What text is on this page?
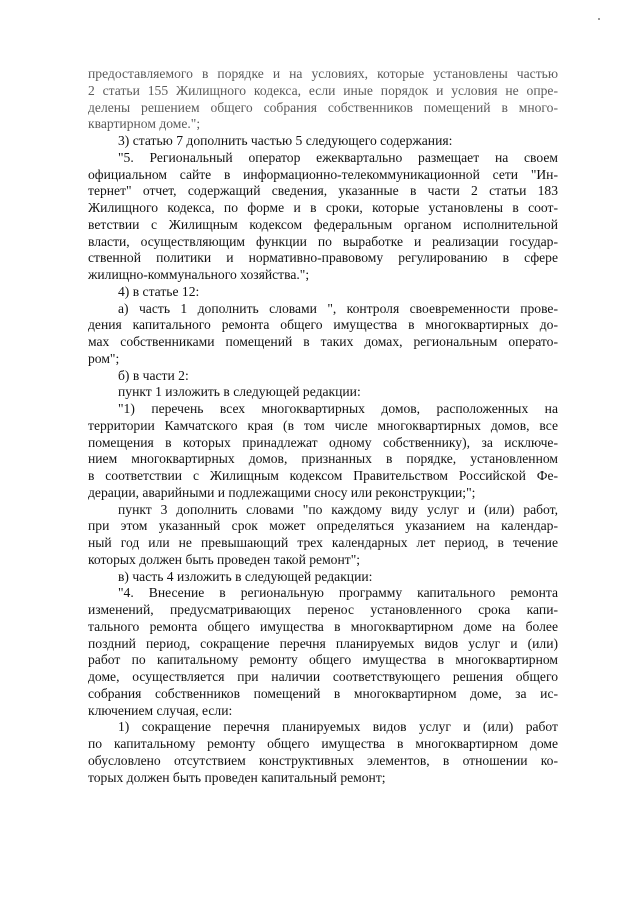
предоставляемого в порядке и на условиях, которые установлены частью

2 статьи 155 Жилищного кодекса, если иные порядок и условия не опре-

делены решением общего собрания собственников помещений в много-

квартирном доме.";

3) статью 7 дополнить частью 5 следующего содержания:

"5. Региональный оператор ежеквартально размещает на своем

официальном сайте в информационно-телекоммуникационной сети "Ин-

тернет" отчет, содержащий сведения, указанные в части 2 статьи 183

Жилищного кодекса, по форме и в сроки, которые установлены в соот-

ветствии с Жилищным кодексом федеральным органом исполнительной

власти, осуществляющим функции по выработке и реализации государ-

ственной политики и нормативно-правовому регулированию в сфере

жилищно-коммунального хозяйства.";

4) в статье 12:

а) часть 1 дополнить словами ", контроля своевременности прове-

дения капитального ремонта общего имущества в многоквартирных до-

мах собственниками помещений в таких домах, региональным операто-

ром";

б) в части 2:

пункт 1 изложить в следующей редакции:

"1) перечень всех многоквартирных домов, расположенных на

территории Камчатского края (в том числе многоквартирных домов, все

помещения в которых принадлежат одному собственнику), за исключе-

нием многоквартирных домов, признанных в порядке, установленном

в соответствии с Жилищным кодексом Правительством Российской Фе-

дерации, аварийными и подлежащими сносу или реконструкции;";

пункт 3 дополнить словами "по каждому виду услуг и (или) работ,

при этом указанный срок может определяться указанием на календар-

ный год или не превышающий трех календарных лет период, в течение

которых должен быть проведен такой ремонт";

в) часть 4 изложить в следующей редакции:

"4. Внесение в региональную программу капитального ремонта

изменений, предусматривающих перенос установленного срока капи-

тального ремонта общего имущества в многоквартирном доме на более

поздний период, сокращение перечня планируемых видов услуг и (или)

работ по капитальному ремонту общего имущества в многоквартирном

доме, осуществляется при наличии соответствующего решения общего

собрания собственников помещений в многоквартирном доме, за ис-

ключением случая, если:

1) сокращение перечня планируемых видов услуг и (или) работ

по капитальному ремонту общего имущества в многоквартирном доме

обусловлено отсутствием конструктивных элементов, в отношении ко-

торых должен быть проведен капитальный ремонт;
